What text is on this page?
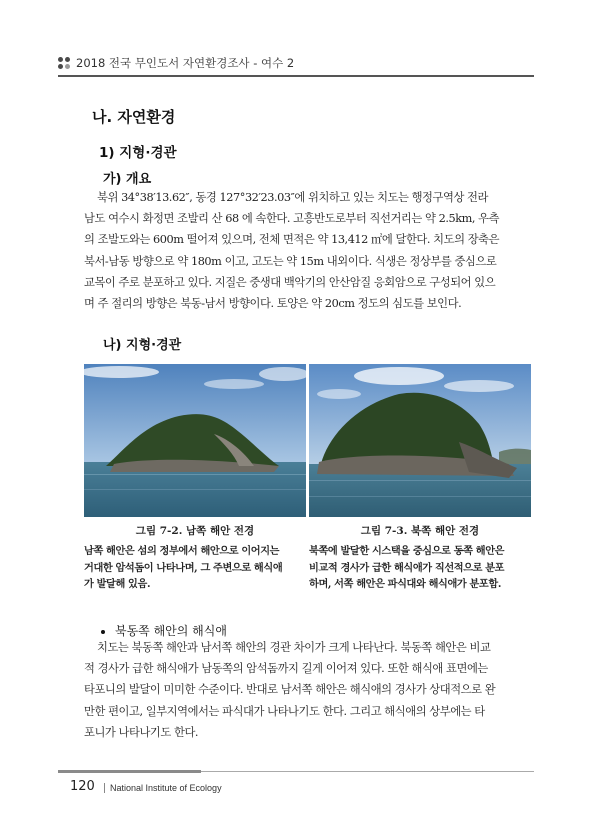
2018 전국 무인도서 자연환경조사 - 여수 2
나. 자연환경
1) 지형·경관
가) 개요
북위 34°38′13.62″, 동경 127°32′23.03″에 위치하고 있는 치도는 행정구역상 전라
남도 여수시 화정면 조발리 산 68 에 속한다. 고흥반도로부터 직선거리는 약 2.5km, 우측
의 조발도와는 600m 떨어져 있으며, 전체 면적은 약 13,412 ㎡에 달한다. 치도의 장축은
북서-남동 방향으로 약 180m 이고, 고도는 약 15m 내외이다. 식생은 정상부를 중심으로
교목이 주로 분포하고 있다. 지질은 중생대 백악기의 안산암질 응회암으로 구성되어 있으
며 주 절리의 방향은 북동-남서 방향이다. 토양은 약 20cm 정도의 심도를 보인다.
나) 지형·경관
그림 7-2. 남쪽 해안 전경	그림 7-3. 북쪽 해안 전경
남쪽 해안은 섬의 정부에서 해안으로 이어지는
거대한 암석돔이 나타나며, 그 주변으로 해식애
가 발달해 있음.
북쪽에 발달한 시스택을 중심으로 동쪽 해안은
비교적 경사가 급한 해식애가 직선적으로 분포
하며, 서쪽 해안은 파식대와 해식애가 분포함.
북동쪽 해안의 해식애
치도는 북동쪽 해안과 남서쪽 해안의 경관 차이가 크게 나타난다. 북동쪽 해안은 비교
적 경사가 급한 해식애가 남동쪽의 암석돔까지 길게 이어져 있다. 또한 해식애 표면에는
타포니의 발달이 미미한 수준이다. 반대로 남서쪽 해안은 해식애의 경사가 상대적으로 완
만한 편이고, 일부지역에서는 파식대가 나타나기도 한다. 그리고 해식애의 상부에는 타
포니가 나타나기도 한다.
120 National Institute of Ecology
